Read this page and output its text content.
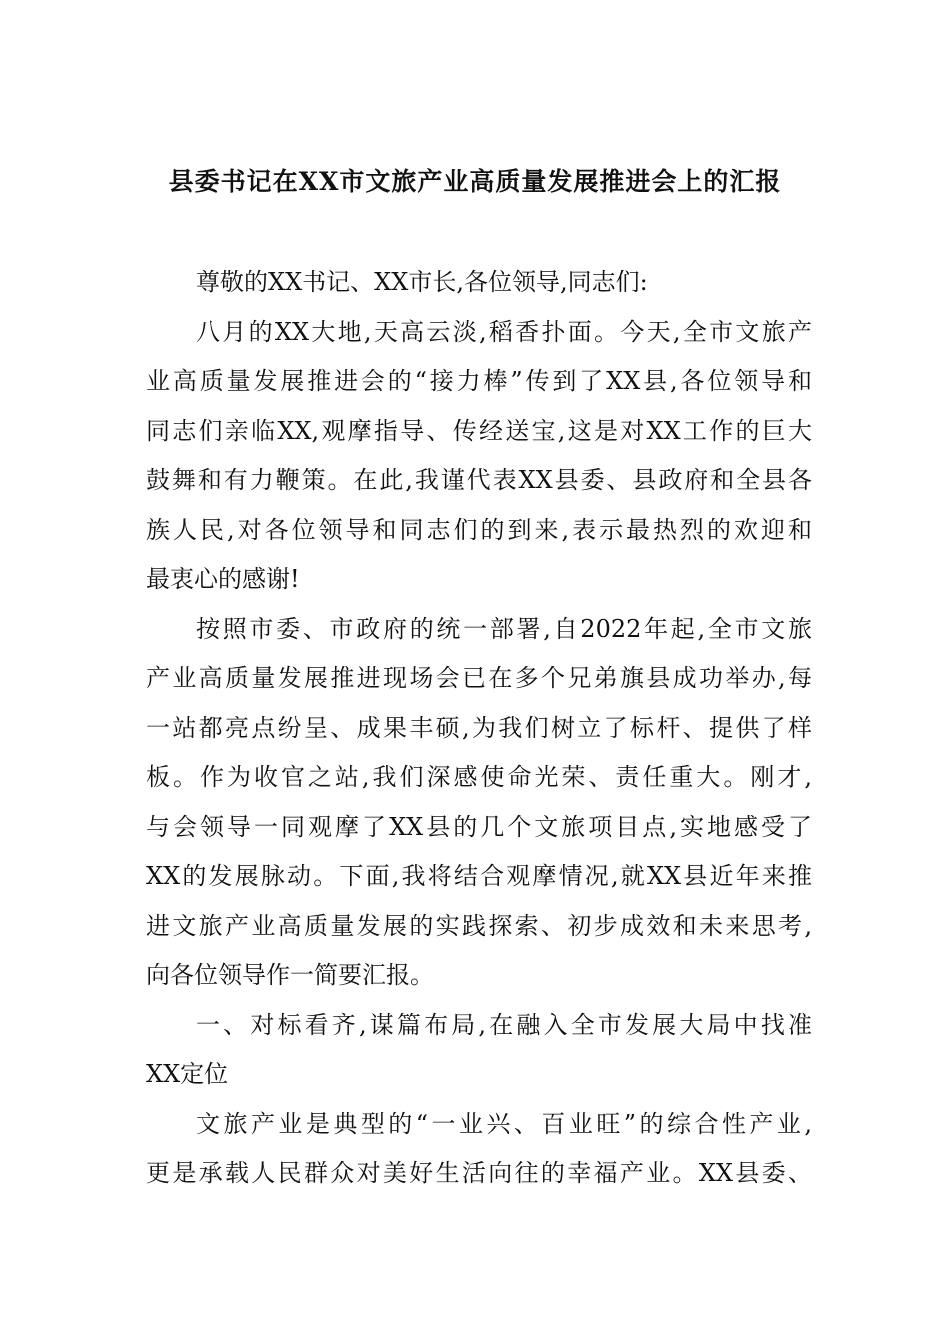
县委书记在XX市文旅产业高质量发展推进会上的汇报
尊敬的XX书记、XX市长,各位领导,同志们:
八月的XX大地,天高云淡,稻香扑面。今天,全市文旅产
业高质量发展推进会的“接力棒”传到了XX县,各位领导和
同志们亲临XX,观摩指导、传经送宝,这是对XX工作的巨大
鼓舞和有力鞭策。在此,我谨代表XX县委、县政府和全县各
族人民,对各位领导和同志们的到来,表示最热烈的欢迎和
最衷心的感谢!
按照市委、市政府的统一部署,自2022年起,全市文旅
产业高质量发展推进现场会已在多个兄弟旗县成功举办,每
一站都亮点纷呈、成果丰硕,为我们树立了标杆、提供了样
板。作为收官之站,我们深感使命光荣、责任重大。刚才,
与会领导一同观摩了XX县的几个文旅项目点,实地感受了
XX的发展脉动。下面,我将结合观摩情况,就XX县近年来推
进文旅产业高质量发展的实践探索、初步成效和未来思考,
向各位领导作一简要汇报。
一、对标看齐,谋篇布局,在融入全市发展大局中找准
XX定位
文旅产业是典型的“一业兴、百业旺”的综合性产业,
更是承载人民群众对美好生活向往的幸福产业。XX县委、
